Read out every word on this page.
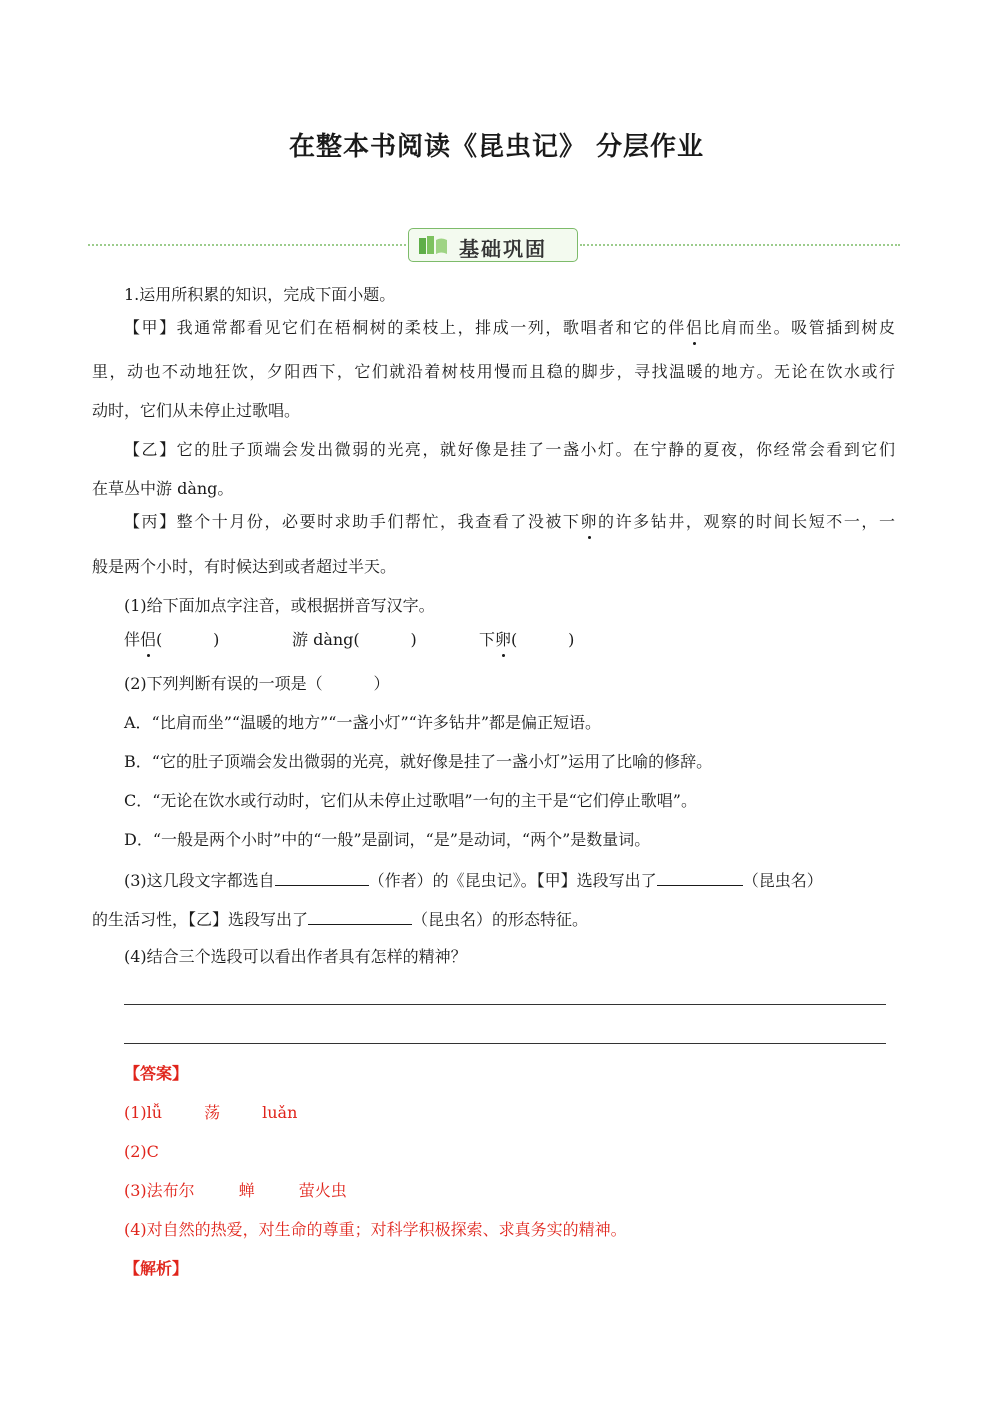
在整本书阅读《昆虫记》 分层作业
基础巩固
1.运用所积累的知识，完成下面小题。
【甲】我通常都看见它们在梧桐树的柔枝上，排成一列，歌唱者和它的伴侣比肩而坐。吸管插到树皮
里，动也不动地狂饮，夕阳西下，它们就沿着树枝用慢而且稳的脚步，寻找温暖的地方。无论在饮水或行
动时，它们从未停止过歌唱。
【乙】它的肚子顶端会发出微弱的光亮，就好像是挂了一盏小灯。在宁静的夏夜，你经常会看到它们
在草丛中游 dàng。
【丙】整个十月份，必要时求助手们帮忙，我查看了没被下卵的许多钻井，观察的时间长短不一，一
般是两个小时，有时候达到或者超过半天。
(1)给下面加点字注音，或根据拼音写汉字。
伴侣(          )	游 dàng(          )	下卵(          )
(2)下列判断有误的一项是（          ）
A．“比肩而坐”“温暖的地方”“一盏小灯”“许多钻井”都是偏正短语。
B．“它的肚子顶端会发出微弱的光亮，就好像是挂了一盏小灯”运用了比喻的修辞。
C．“无论在饮水或行动时，它们从未停止过歌唱”一句的主干是“它们停止歌唱”。
D．“一般是两个小时”中的“一般”是副词，“是”是动词，“两个”是数量词。
(3)这几段文字都选自	（作者）的《昆虫记》。【甲】选段写出了	（昆虫名）
的生活习性，【乙】选段写出了	（昆虫名）的形态特征。
(4)结合三个选段可以看出作者具有怎样的精神？
【答案】
(1)lǚ	荡	luǎn
(2)C
(3)法布尔	蝉	萤火虫
(4)对自然的热爱，对生命的尊重；对科学积极探索、求真务实的精神。
【解析】
